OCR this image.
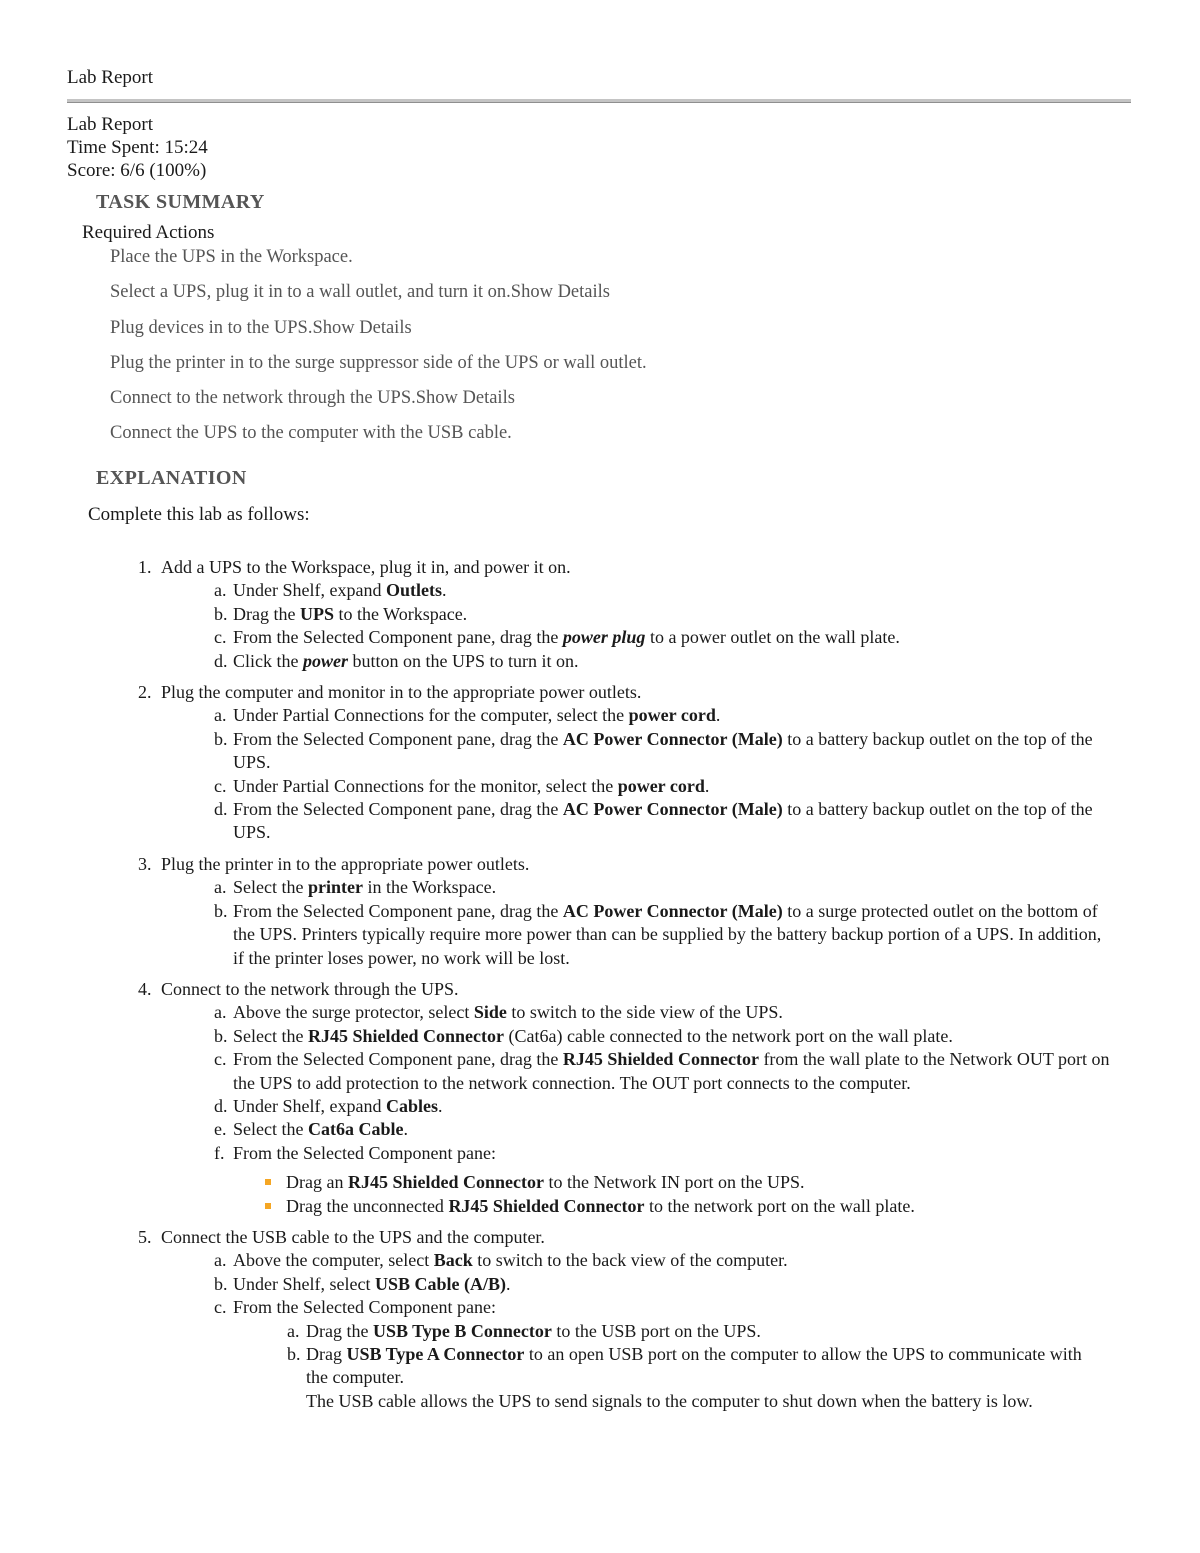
Lab Report
Lab Report
Time Spent: 15:24
Score: 6/6 (100%)
TASK SUMMARY
Required Actions
Place the UPS in the Workspace.
Select a UPS, plug it in to a wall outlet, and turn it on.Show Details
Plug devices in to the UPS.Show Details
Plug the printer in to the surge suppressor side of the UPS or wall outlet.
Connect to the network through the UPS.Show Details
Connect the UPS to the computer with the USB cable.
EXPLANATION
Complete this lab as follows:
1. Add a UPS to the Workspace, plug it in, and power it on.
a. Under Shelf, expand Outlets.
b. Drag the UPS to the Workspace.
c. From the Selected Component pane, drag the power plug to a power outlet on the wall plate.
d. Click the power button on the UPS to turn it on.
2. Plug the computer and monitor in to the appropriate power outlets.
a. Under Partial Connections for the computer, select the power cord.
b. From the Selected Component pane, drag the AC Power Connector (Male) to a battery backup outlet on the top of the UPS.
c. Under Partial Connections for the monitor, select the power cord.
d. From the Selected Component pane, drag the AC Power Connector (Male) to a battery backup outlet on the top of the UPS.
3. Plug the printer in to the appropriate power outlets.
a. Select the printer in the Workspace.
b. From the Selected Component pane, drag the AC Power Connector (Male) to a surge protected outlet on the bottom of the UPS. Printers typically require more power than can be supplied by the battery backup portion of a UPS. In addition, if the printer loses power, no work will be lost.
4. Connect to the network through the UPS.
a. Above the surge protector, select Side to switch to the side view of the UPS.
b. Select the RJ45 Shielded Connector (Cat6a) cable connected to the network port on the wall plate.
c. From the Selected Component pane, drag the RJ45 Shielded Connector from the wall plate to the Network OUT port on the UPS to add protection to the network connection. The OUT port connects to the computer.
d. Under Shelf, expand Cables.
e. Select the Cat6a Cable.
f. From the Selected Component pane:
Drag an RJ45 Shielded Connector to the Network IN port on the UPS.
Drag the unconnected RJ45 Shielded Connector to the network port on the wall plate.
5. Connect the USB cable to the UPS and the computer.
a. Above the computer, select Back to switch to the back view of the computer.
b. Under Shelf, select USB Cable (A/B).
c. From the Selected Component pane:
a. Drag the USB Type B Connector to the USB port on the UPS.
b. Drag USB Type A Connector to an open USB port on the computer to allow the UPS to communicate with the computer.
The USB cable allows the UPS to send signals to the computer to shut down when the battery is low.
